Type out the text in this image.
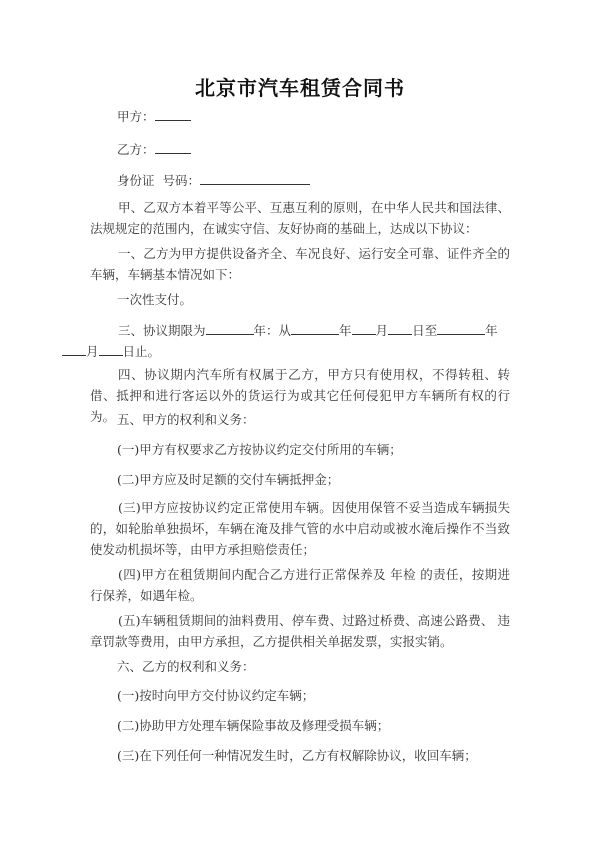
北京市汽车租赁合同书
甲方：
乙方：
身份证  号码：
甲、乙双方本着平等公平、互惠互利的原则，在中华人民共和国法律、法规规定的范围内，在诚实守信、友好协商的基础上，达成以下协议：
一、乙方为甲方提供设备齐全、车况良好、运行安全可靠、证件齐全的车辆，车辆基本情况如下：
一次性支付。
三、协议期限为	年：从	年 月 日至	年
月 日止。
四、协议期内汽车所有权属于乙方，甲方只有使用权，不得转租、转借、抵押和进行客运以外的货运行为或其它任何侵犯甲方车辆所有权的行为。 五、甲方的权利和义务：
(一)甲方有权要求乙方按协议约定交付所用的车辆；
(二)甲方应及时足额的交付车辆抵押金；
(三)甲方应按协议约定正常使用车辆。因使用保管不妥当造成车辆损失的，如轮胎单独损坏，车辆在淹及排气管的水中启动或被水淹后操作不当致使发动机损坏等，由甲方承担赔偿责任；
(四)甲方在租赁期间内配合乙方进行正常保养及 年检 的责任，按期进行保养，如遇年检。
(五)车辆租赁期间的油料费用、停车费、过路过桥费、高速公路费、 违章罚款等费用，由甲方承担，乙方提供相关单据发票，实报实销。
六、乙方的权利和义务：
(一)按时向甲方交付协议约定车辆；
(二)协助甲方处理车辆保险事故及修理受损车辆；
(三)在下列任何一种情况发生时，乙方有权解除协议，收回车辆；
